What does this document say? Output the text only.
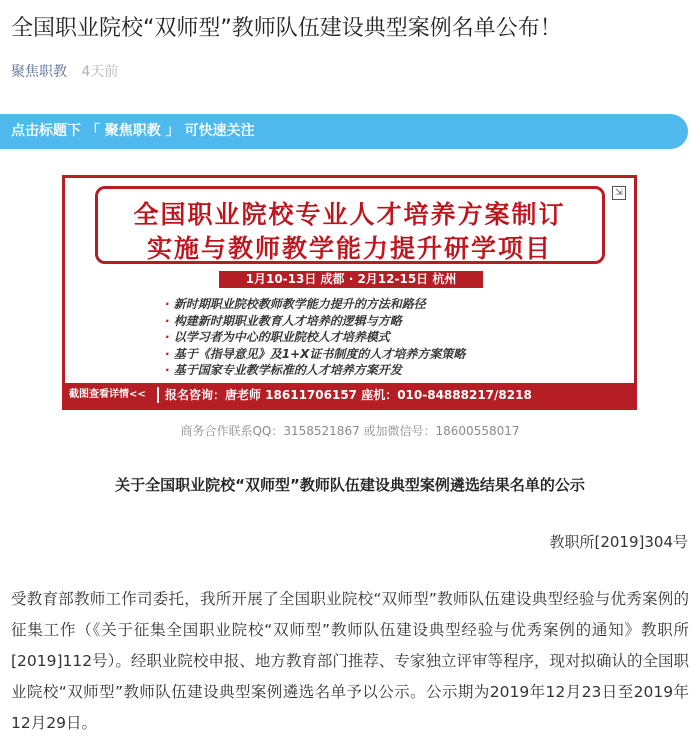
全国职业院校“双师型”教师队伍建设典型案例名单公布！
聚焦职教 4天前
点击标题下 「 聚焦职教 」 可快速关注
全国职业院校专业人才培养方案制订
实施与教师教学能力提升研学项目
⇲
1月10-13日 成都 · 2月12-15日 杭州
· 新时期职业院校教师教学能力提升的方法和路径
· 构建新时期职业教育人才培养的逻辑与方略
· 以学习者为中心的职业院校人才培养模式
· 基于《指导意见》及1+X证书制度的人才培养方案策略
· 基于国家专业教学标准的人才培养方案开发
截图查看详情<< 报名咨询：唐老师 18611706157 座机：010-84888217/8218
商务合作联系QQ：3158521867 或加微信号：18600558017
关于全国职业院校“双师型”教师队伍建设典型案例遴选结果名单的公示
教职所[2019]304号
受教育部教师工作司委托，我所开展了全国职业院校“双师型”教师队伍建设典型经验与优秀案例的征集工作（《关于征集全国职业院校“双师型”教师队伍建设典型经验与优秀案例的通知》教职所[2019]112号）。经职业院校申报、地方教育部门推荐、专家独立评审等程序，现对拟确认的全国职业院校“双师型”教师队伍建设典型案例遴选名单予以公示。公示期为2019年12月23日至2019年12月29日。
